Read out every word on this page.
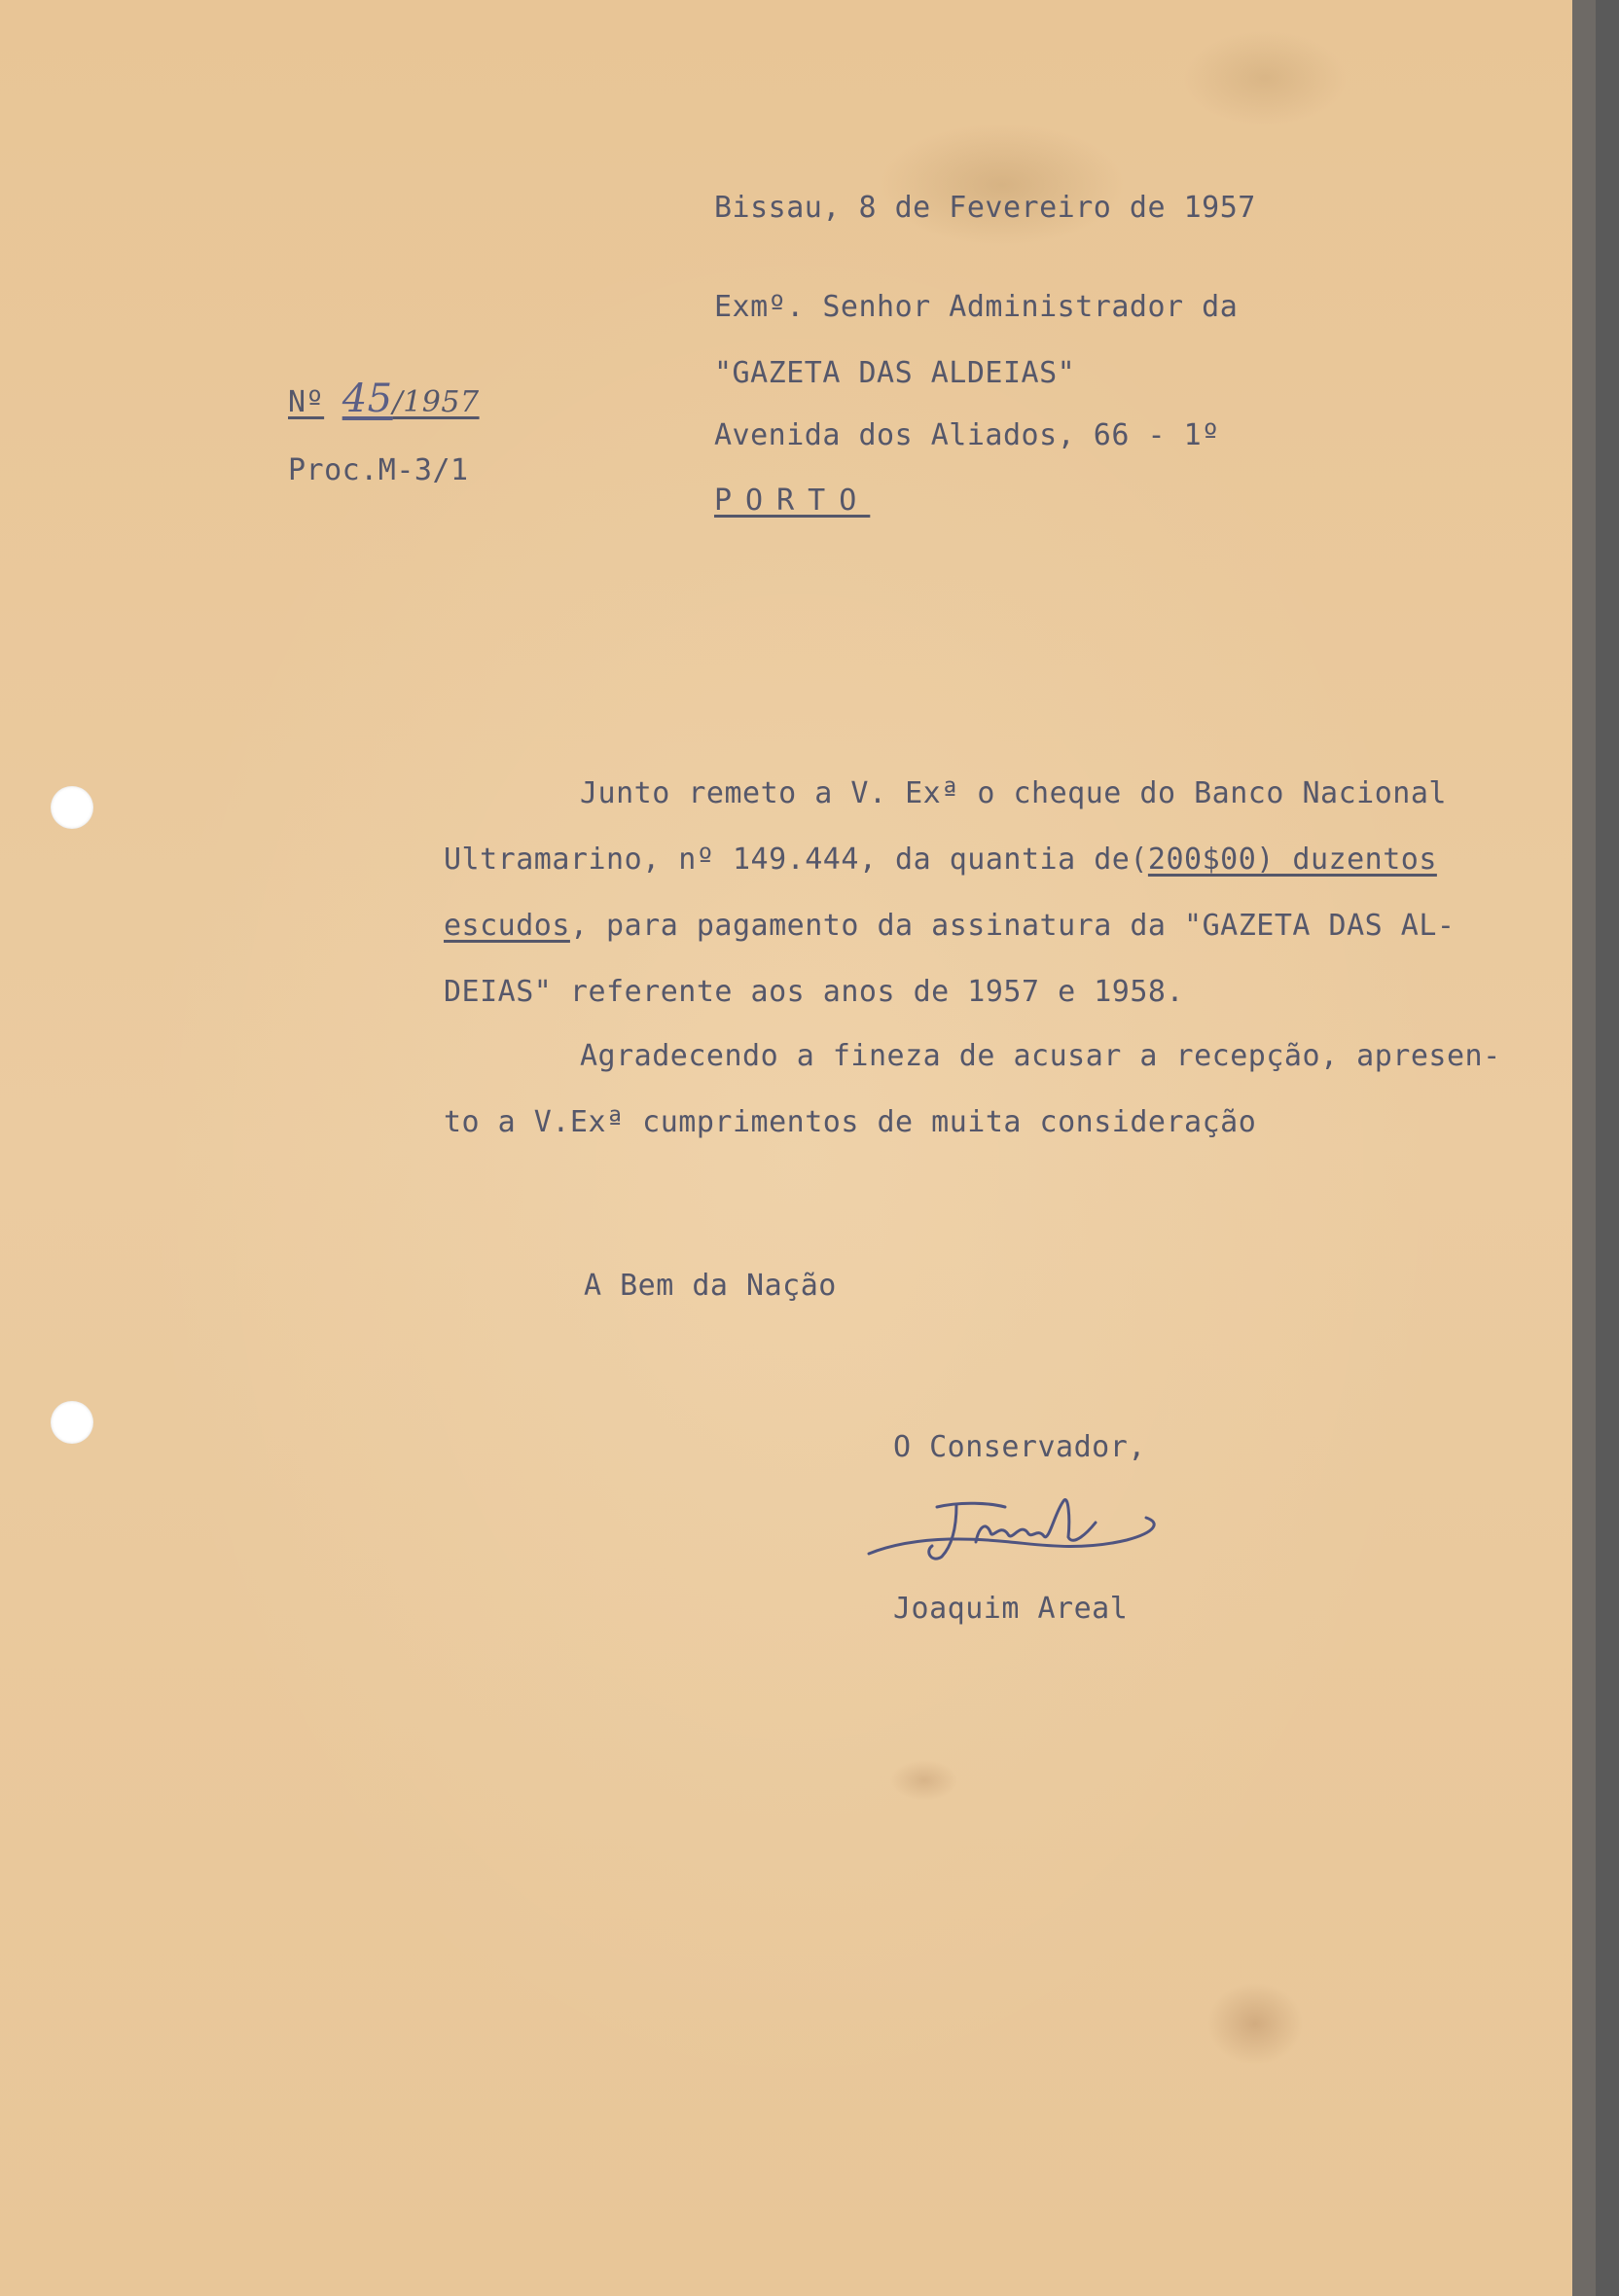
Bissau, 8 de Fevereiro de 1957
Exmº. Senhor Administrador da
"GAZETA DAS ALDEIAS"
Avenida dos Aliados, 66 - 1º
PORTO
Nº 45/1957
Proc.M-3/1
Junto remeto a V. Exª o cheque do Banco Nacional
Ultramarino, nº 149.444, da quantia de(200$00) duzentos
escudos, para pagamento da assinatura da "GAZETA DAS AL-
DEIAS" referente aos anos de 1957 e 1958.
Agradecendo a fineza de acusar a recepção, apresen-
to a V.Exª cumprimentos de muita consideração
A Bem da Nação
O Conservador,
JAreal
Joaquim Areal
